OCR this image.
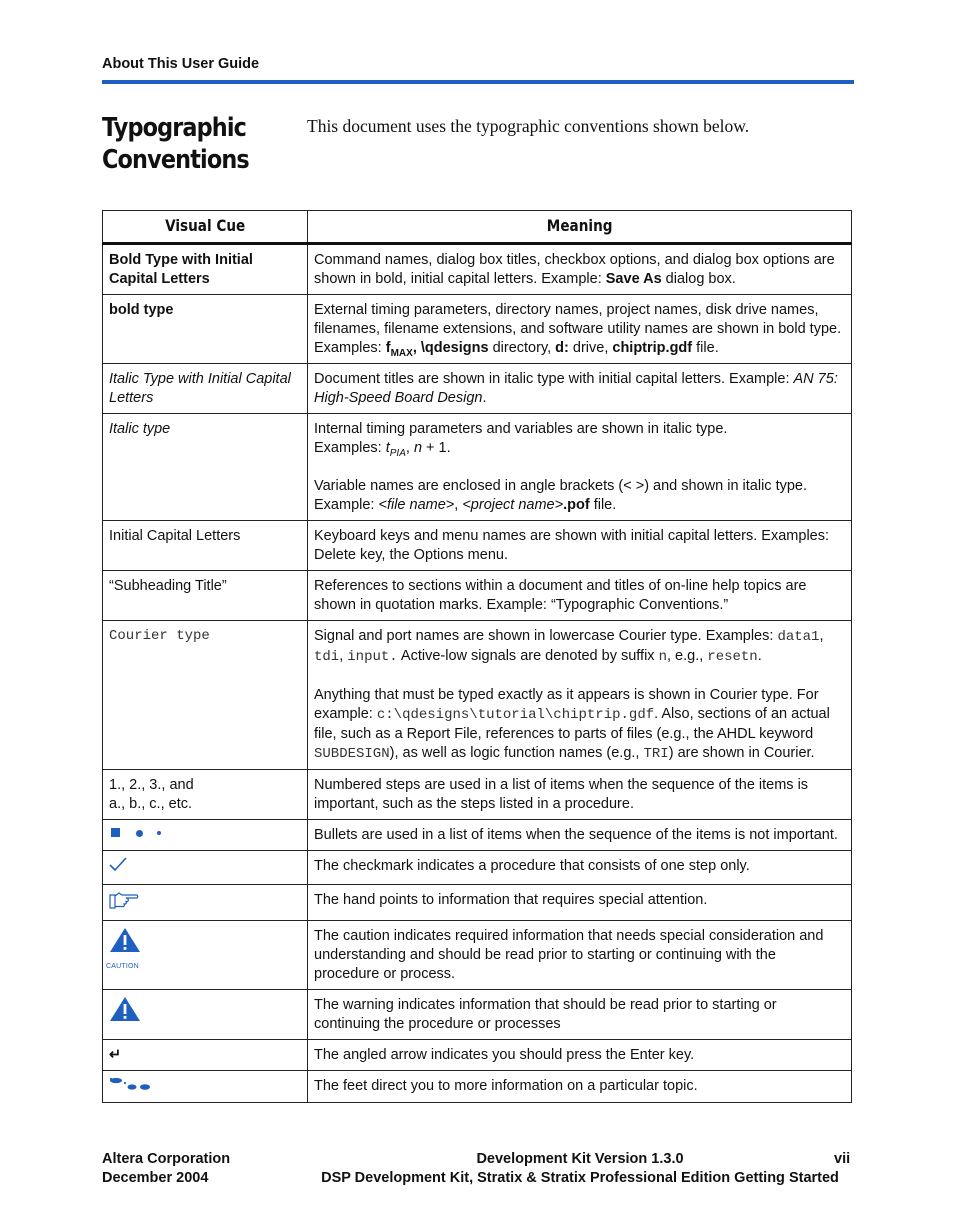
About This User Guide
Typographic
Conventions
This document uses the typographic conventions shown below.
Visual Cue	Meaning
Bold Type with Initial Capital Letters	Command names, dialog box titles, checkbox options, and dialog box options are shown in bold, initial capital letters. Example: Save As dialog box.
bold type	External timing parameters, directory names, project names, disk drive names, filenames, filename extensions, and software utility names are shown in bold type. Examples: $f_{MAX}$, \qdesigns directory, d: drive, chiptrip.gdf file.
Italic Type with Initial Capital Letters	Document titles are shown in italic type with initial capital letters. Example: AN 75: High-Speed Board Design.
Italic type	Internal timing parameters and variables are shown in italic type.
Examples: $t_{PIA}$, n + 1.
Variable names are enclosed in angle brackets (< >) and shown in italic type.
Example: <file name>, <project name>.pof file.
Initial Capital Letters	Keyboard keys and menu names are shown with initial capital letters. Examples: Delete key, the Options menu.
“Subheading Title”	References to sections within a document and titles of on-line help topics are shown in quotation marks. Example: “Typographic Conventions.”
Courier type	Signal and port names are shown in lowercase Courier type. Examples: data1, tdi, input. Active-low signals are denoted by suffix n, e.g., resetn.
Anything that must be typed exactly as it appears is shown in Courier type. For example: c:\qdesigns\tutorial\chiptrip.gdf. Also, sections of an actual file, such as a Report File, references to parts of files (e.g., the AHDL keyword SUBDESIGN), as well as logic function names (e.g., TRI) are shown in Courier.
1., 2., 3., and
a., b., c., etc.	Numbered steps are used in a list of items when the sequence of the items is important, such as the steps listed in a procedure.
	Bullets are used in a list of items when the sequence of the items is not important.
	The checkmark indicates a procedure that consists of one step only.
	The hand points to information that requires special attention.

CAUTION	The caution indicates required information that needs special consideration and understanding and should be read prior to starting or continuing with the procedure or process.
	The warning indicates information that should be read prior to starting or continuing the procedure or processes
↵	The angled arrow indicates you should press the Enter key.
	The feet direct you to more information on a particular topic.
Altera Corporation
December 2004
Development Kit Version 1.3.0
DSP Development Kit, Stratix & Stratix Professional Edition Getting Started
vii
